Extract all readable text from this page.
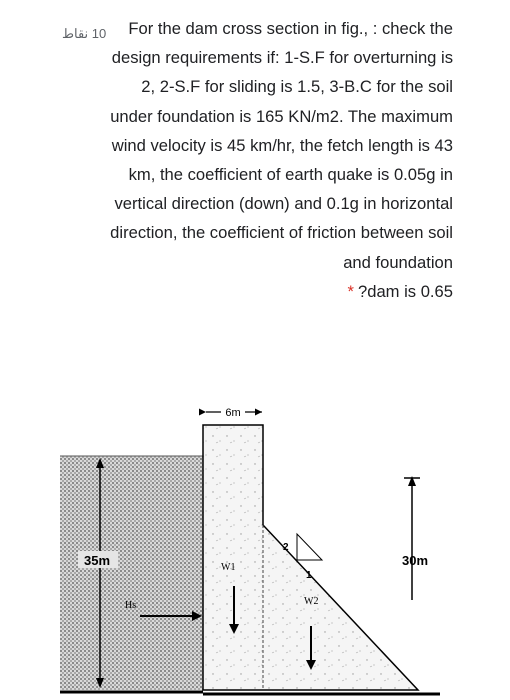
10 نقاط	For the dam cross section in fig., : check the design requirements if: 1-S.F for overturning is 2, 2-S.F for sliding is 1.5, 3-B.C for the soil under foundation is 165 KN/m2. The maximum wind velocity is 45 km/hr, the fetch length is 43 km, the coefficient of earth quake is 0.05g in vertical direction (down) and 0.1g in horizontal direction, the coefficient of friction between soil and foundation
* ?dam is 0.65
6m
35m
Hs
W1
W2
2
1
30m
